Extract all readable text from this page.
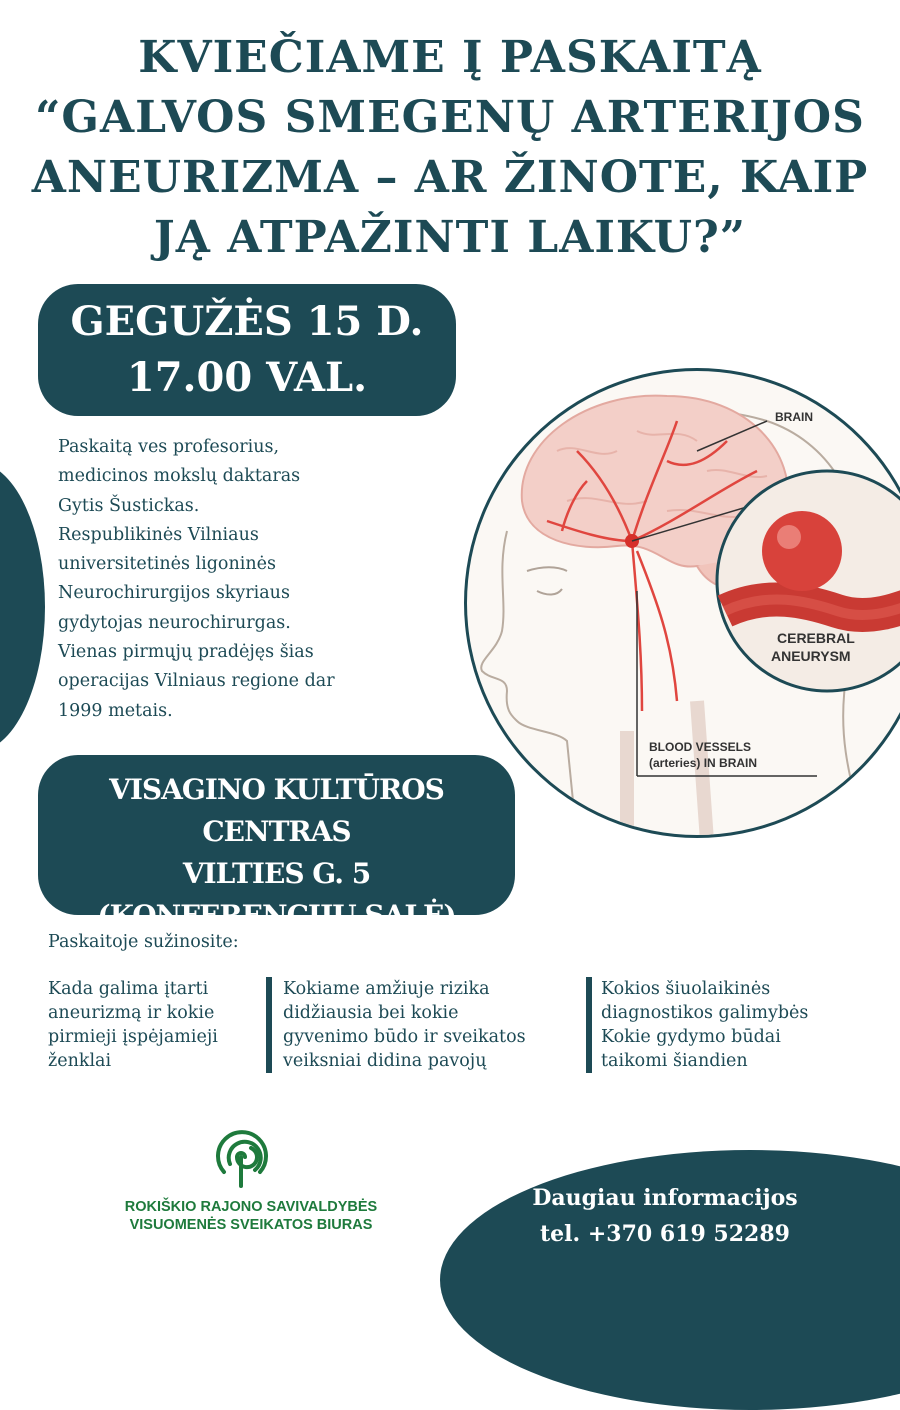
KVIEČIAME Į PASKAITĄ
“GALVOS SMEGENŲ ARTERIJOS
ANEURIZMA – AR ŽINOTE, KAIP
JĄ ATPAŽINTI LAIKU?”
GEGUŽĖS 15 D.
17.00 VAL.
Paskaitą ves profesorius,
medicinos mokslų daktaras
Gytis Šustickas.
Respublikinės Vilniaus
universitetinės ligoninės
Neurochirurgijos skyriaus
gydytojas neurochirurgas.
Vienas pirmųjų pradėjęs šias
operacijas Vilniaus regione dar
1999 metais.
BRAIN
BLOOD VESSELS
(arteries) IN BRAIN
CEREBRAL
ANEURYSM
VISAGINO KULTŪROS CENTRAS
VILTIES G. 5
(KONFERENCIJŲ SALĖ)
Paskaitoje sužinosite:
Kada galima įtarti
aneurizmą ir kokie
pirmieji įspėjamieji
ženklai
Kokiame amžiuje rizika
didžiausia bei kokie
gyvenimo būdo ir sveikatos
veiksniai didina pavojų
Kokios šiuolaikinės
diagnostikos galimybės
Kokie gydymo būdai
taikomi šiandien
ROKIŠKIO RAJONO SAVIVALDYBĖS
VISUOMENĖS SVEIKATOS BIURAS
Daugiau informacijos
tel. +370 619 52289
